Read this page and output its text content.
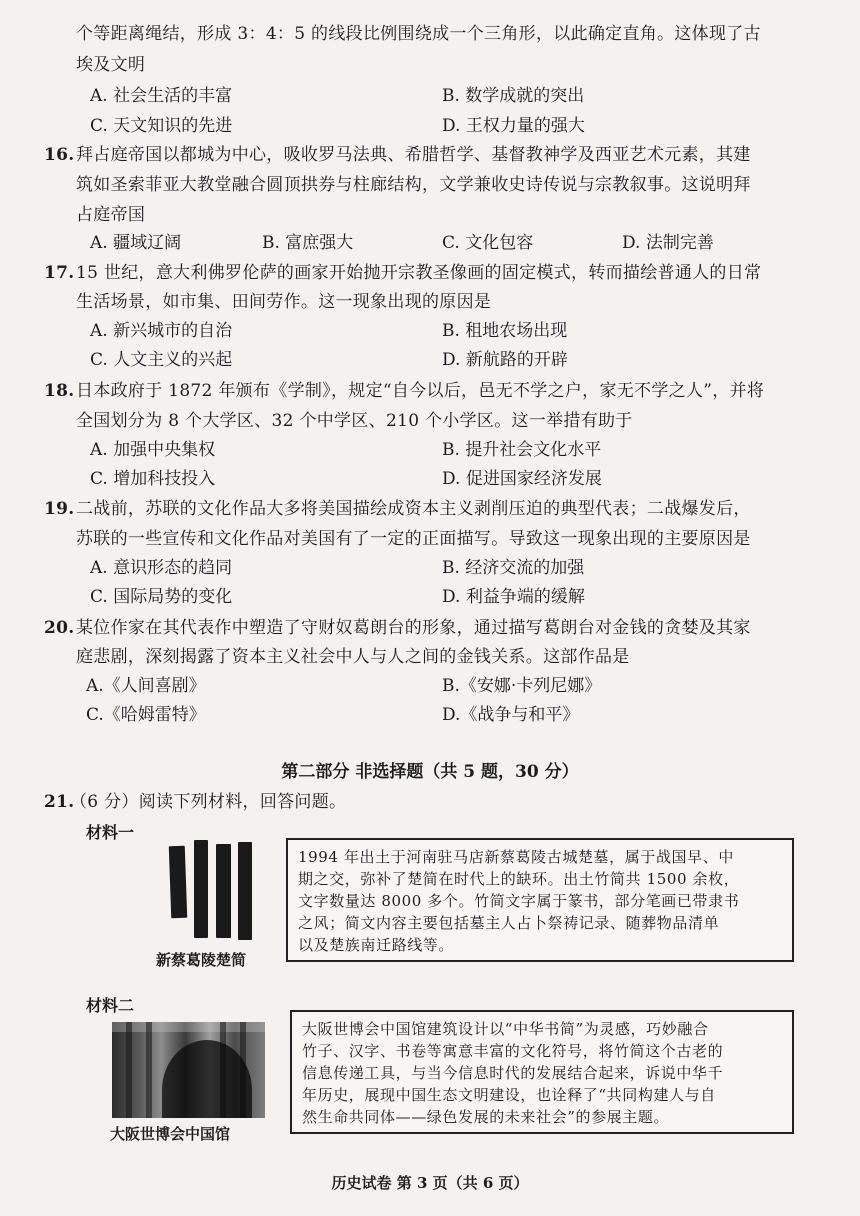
个等距离绳结，形成 3：4：5 的线段比例围绕成一个三角形，以此确定直角。这体现了古
埃及文明
A. 社会生活的丰富	B. 数学成就的突出
C. 天文知识的先进	D. 王权力量的强大
16. 拜占庭帝国以都城为中心，吸收罗马法典、希腊哲学、基督教神学及西亚艺术元素，其建
筑如圣索菲亚大教堂融合圆顶拱券与柱廊结构，文学兼收史诗传说与宗教叙事。这说明拜
占庭帝国
A. 疆域辽阔	B. 富庶强大	C. 文化包容	D. 法制完善
17. 15 世纪，意大利佛罗伦萨的画家开始抛开宗教圣像画的固定模式，转而描绘普通人的日常
生活场景，如市集、田间劳作。这一现象出现的原因是
A. 新兴城市的自治	B. 租地农场出现
C. 人文主义的兴起	D. 新航路的开辟
18. 日本政府于 1872 年颁布《学制》，规定“自今以后，邑无不学之户，家无不学之人”，并将
全国划分为 8 个大学区、32 个中学区、210 个小学区。这一举措有助于
A. 加强中央集权	B. 提升社会文化水平
C. 增加科技投入	D. 促进国家经济发展
19. 二战前，苏联的文化作品大多将美国描绘成资本主义剥削压迫的典型代表；二战爆发后，
苏联的一些宣传和文化作品对美国有了一定的正面描写。导致这一现象出现的主要原因是
A. 意识形态的趋同	B. 经济交流的加强
C. 国际局势的变化	D. 利益争端的缓解
20. 某位作家在其代表作中塑造了守财奴葛朗台的形象，通过描写葛朗台对金钱的贪婪及其家
庭悲剧，深刻揭露了资本主义社会中人与人之间的金钱关系。这部作品是
A.《人间喜剧》	B.《安娜·卡列尼娜》
C.《哈姆雷特》	D.《战争与和平》
第二部分 非选择题（共 5 题，30 分）
21.
（6 分）阅读下列材料，回答问题。
材料一
新蔡葛陵楚简
1994 年出土于河南驻马店新蔡葛陵古城楚墓，属于战国早、中
期之交，弥补了楚简在时代上的缺环。出土竹简共 1500 余枚，
文字数量达 8000 多个。竹简文字属于篆书，部分笔画已带隶书
之风；简文内容主要包括墓主人占卜祭祷记录、随葬物品清单
以及楚族南迁路线等。
材料二
大阪世博会中国馆
大阪世博会中国馆建筑设计以“中华书简”为灵感，巧妙融合
竹子、汉字、书卷等寓意丰富的文化符号，将竹简这个古老的
信息传递工具，与当今信息时代的发展结合起来，诉说中华千
年历史，展现中国生态文明建设，也诠释了“共同构建人与自
然生命共同体——绿色发展的未来社会”的参展主题。
历史试卷 第 3 页（共 6 页）
